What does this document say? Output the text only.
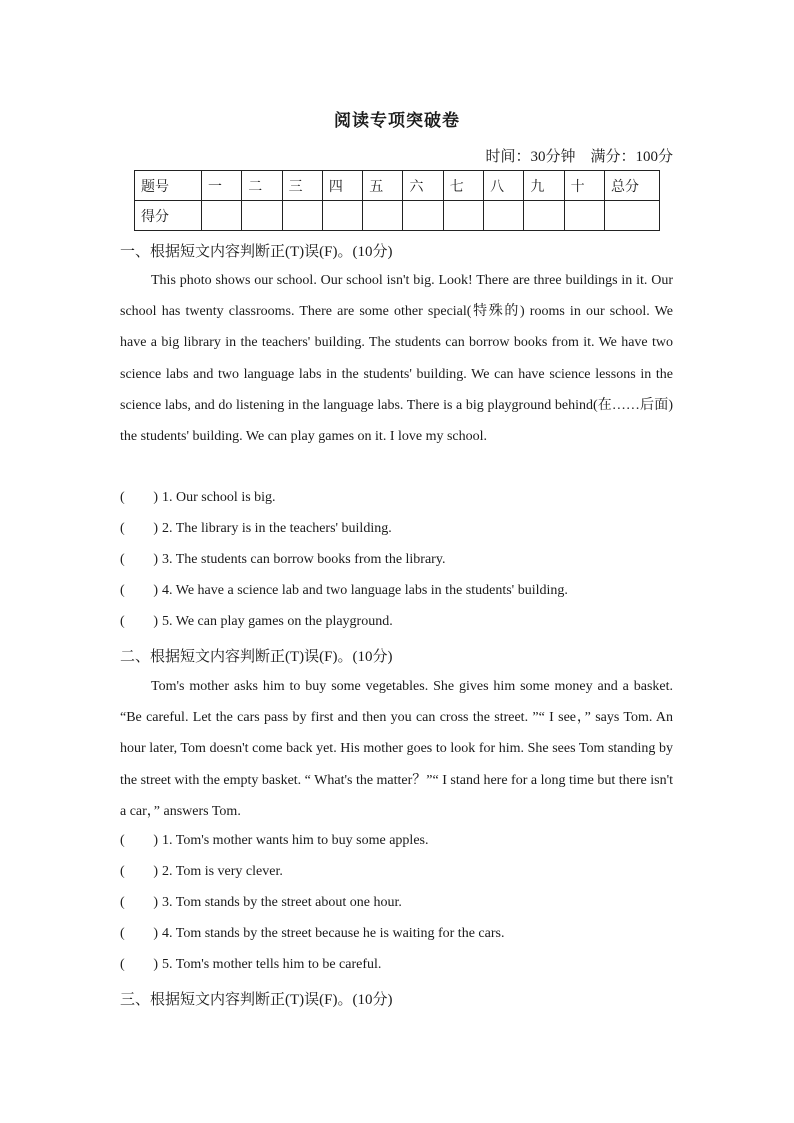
阅读专项突破卷
时间：30分钟    满分：100分
题号	一	二	三	四	五	六	七	八	九	十	总分
得分											
一、根据短文内容判断正(T)误(F)。(10分)

This photo shows our school. Our school isn't big. Look! There are three buildings in it. Our school has twenty classrooms. There are some other special(特殊的) rooms in our school. We have a big library in the teachers' building. The students can borrow books from it. We have two science labs and two language labs in the students' building. We can have science lessons in the science labs, and do listening in the language labs. There is a big playground behind(在……后面) the students' building. We can play games on it. I love my school.

( )1. Our school is big.
( )2. The library is in the teachers' building.
( )3. The students can borrow books from the library.
( )4. We have a science lab and two language labs in the students' building.
( )5. We can play games on the playground.
二、根据短文内容判断正(T)误(F)。(10分)

Tom's mother asks him to buy some vegetables. She gives him some money and a basket. “Be careful. Let the cars pass by first and then you can cross the street. ”“ I see，” says Tom. An hour later, Tom doesn't come back yet. His mother goes to look for him. She sees Tom standing by the street with the empty basket. “ What's the matter？”“ I stand here for a long time but there isn't a car，” answers Tom.

( )1. Tom's mother wants him to buy some apples.
( )2. Tom is very clever.
( )3. Tom stands by the street about one hour.
( )4. Tom stands by the street because he is waiting for the cars.
( )5. Tom's mother tells him to be careful.
三、根据短文内容判断正(T)误(F)。(10分)
